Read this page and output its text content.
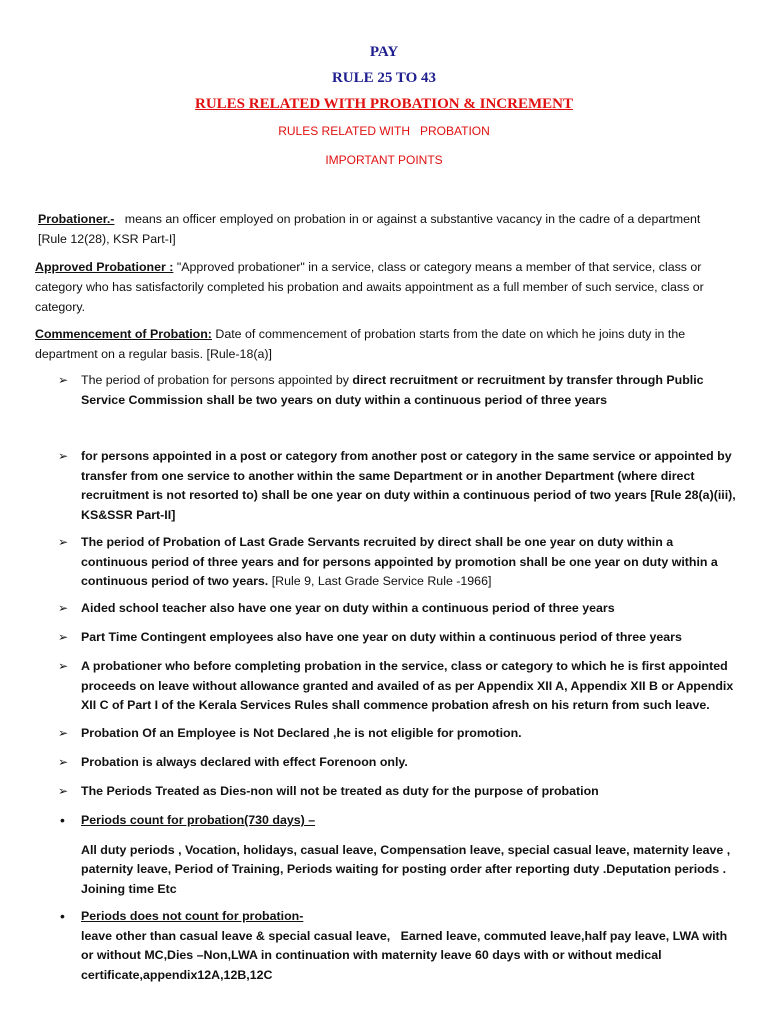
PAY
RULE 25 TO 43
RULES RELATED WITH PROBATION & INCREMENT
RULES RELATED WITH   PROBATION
IMPORTANT POINTS
Probationer.-   means an officer employed on probation in or against a substantive vacancy in the cadre of a department [Rule 12(28), KSR Part-I]
Approved Probationer : "Approved probationer" in a service, class or category means a member of that service, class or category who has satisfactorily completed his probation and awaits appointment as a full member of such service, class or category.
Commencement of Probation: Date of commencement of probation starts from the date on which he joins duty in the department on a regular basis. [Rule-18(a)]
➢	The period of probation for persons appointed by direct recruitment or recruitment by transfer through Public Service Commission shall be two years on duty within a continuous period of three years
➢	for persons appointed in a post or category from another post or category in the same service or appointed by transfer from one service to another within the same Department or in another Department (where direct recruitment is not resorted to) shall be one year on duty within a continuous period of two years [Rule 28(a)(iii), KS&SSR Part-II]
➢	The period of Probation of Last Grade Servants recruited by direct shall be one year on duty within a continuous period of three years and for persons appointed by promotion shall be one year on duty within a continuous period of two years. [Rule 9, Last Grade Service Rule -1966]
➢	Aided school teacher also have one year on duty within a continuous period of three years
➢	Part Time Contingent employees also have one year on duty within a continuous period of three years
➢	A probationer who before completing probation in the service, class or category to which he is first appointed proceeds on leave without allowance granted and availed of as per Appendix XII A, Appendix XII B or Appendix XII C of Part I of the Kerala Services Rules shall commence probation afresh on his return from such leave.
➢	Probation Of an Employee is Not Declared ,he is not eligible for promotion.
➢	Probation is always declared with effect Forenoon only.
➢	The Periods Treated as Dies-non will not be treated as duty for the purpose of probation
•	Periods count for probation(730 days) –
All duty periods , Vocation, holidays, casual leave, Compensation leave, special casual leave, maternity leave , paternity leave, Period of Training, Periods waiting for posting order after reporting duty .Deputation periods . Joining time Etc
•	Periods does not count for probation-
leave other than casual leave & special casual leave,   Earned leave, commuted leave,half pay leave, LWA with or without MC,Dies –Non,LWA in continuation with maternity leave 60 days with or without medical certificate,appendix12A,12B,12C
